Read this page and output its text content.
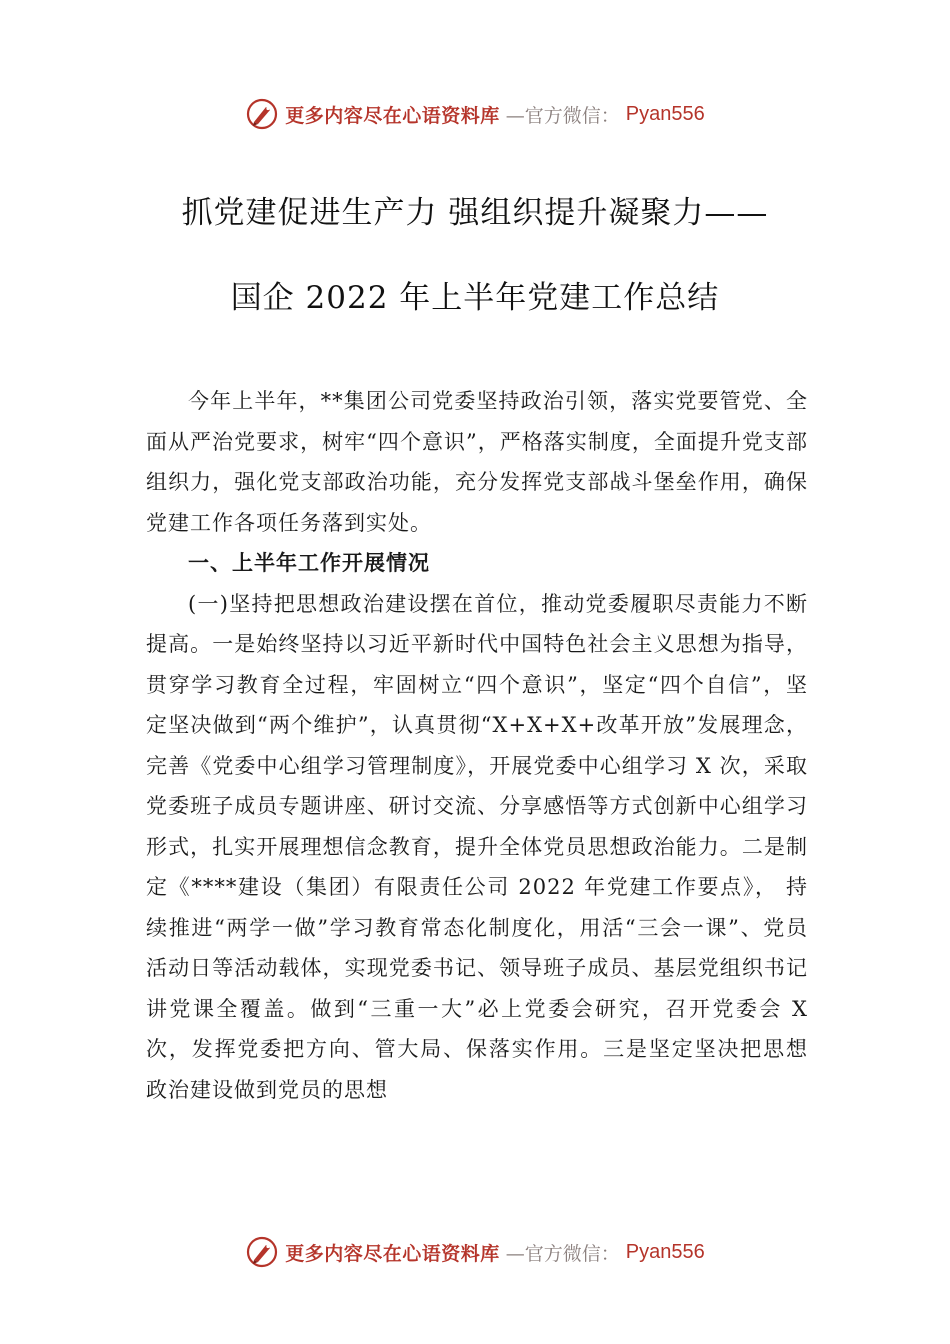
更多内容尽在心语资料库 —官方微信： Pyan556
抓党建促进生产力 强组织提升凝聚力——
国企 2022 年上半年党建工作总结

今年上半年，**集团公司党委坚持政治引领，落实党要管党、全面从严治党要求，树牢“四个意识”，严格落实制度，全面提升党支部组织力，强化党支部政治功能，充分发挥党支部战斗堡垒作用，确保党建工作各项任务落到实处。

一、上半年工作开展情况

(一)坚持把思想政治建设摆在首位，推动党委履职尽责能力不断提高。一是始终坚持以习近平新时代中国特色社会主义思想为指导，贯穿学习教育全过程，牢固树立“四个意识”，坚定“四个自信”，坚定坚决做到“两个维护”，认真贯彻“X+X+X+改革开放”发展理念，完善《党委中心组学习管理制度》，开展党委中心组学习 X 次，采取党委班子成员专题讲座、研讨交流、分享感悟等方式创新中心组学习形式，扎实开展理想信念教育，提升全体党员思想政治能力。二是制定《****建设（集团）有限责任公司 2022 年党建工作要点》， 持续推进“两学一做”学习教育常态化制度化，用活“三会一课”、党员活动日等活动载体，实现党委书记、领导班子成员、基层党组织书记讲党课全覆盖。做到“三重一大”必上党委会研究，召开党委会 X 次，发挥党委把方向、管大局、保落实作用。三是坚定坚决把思想 政治建设做到党员的思想

更多内容尽在心语资料库 —官方微信： Pyan556
